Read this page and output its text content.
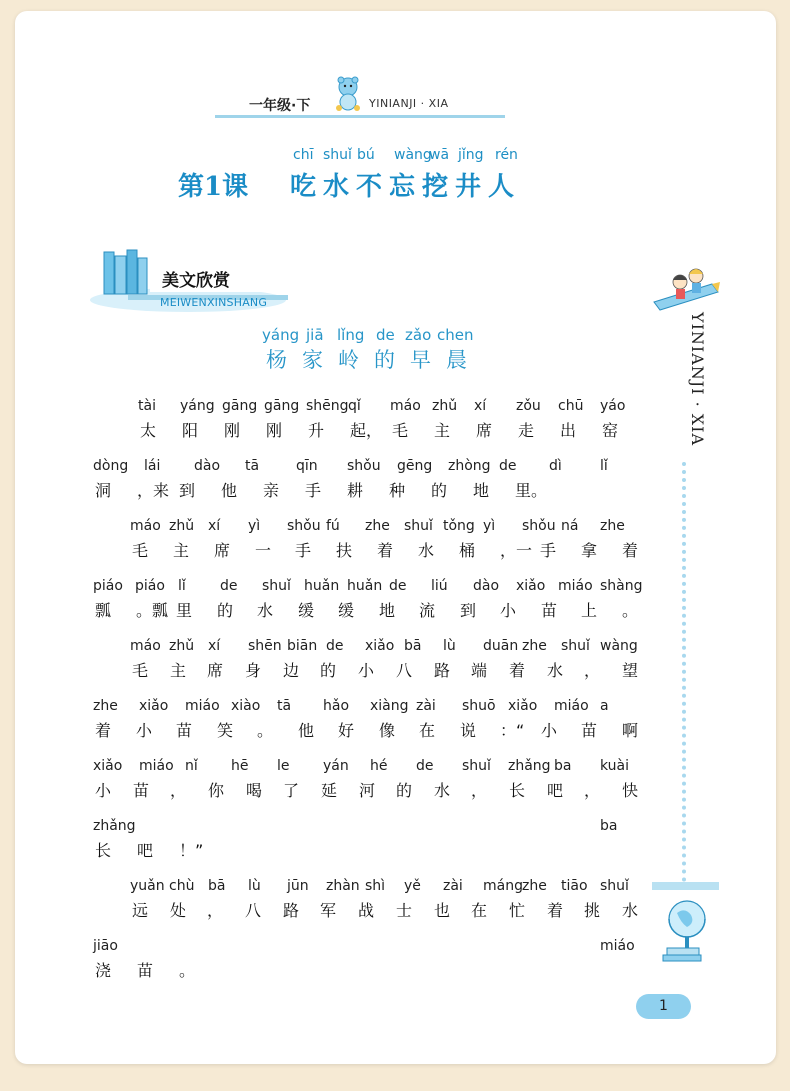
一年级·下	YINIANJI · XIA
第1课 吃 水 不 忘 挖 井 人
chī shuǐ bú wàng
wā jǐng rén
美文欣赏
MEIWENXINSHANG
杨 家 岭 的 早 晨
yáng jiā lǐng de zǎo chen
tài yáng gāng gāng shēng qǐ máo zhǔ xí zǒu chū yáo
太 阳 刚 刚 升 起， 毛 主 席 走 出 窑
dòng lái dào tā	qīn shǒu gēng zhòng de dì	lǐ
洞 ，来 到 他 亲 手 耕 种 的 地 里。
máo zhǔ xí yì shǒu fú zhe shuǐ tǒng yì shǒu ná zhe
毛 主 席 一 手 扶 着 水 桶 ，一 手 拿 着
piáo piáo lǐ de shuǐ huǎn huǎn de liú dào xiǎo miáo shàng
瓢 。瓢 里 的 水 缓 缓 地 流 到 小 苗 上 。
máo zhǔ xí shēn biān de xiǎo bā lù duān zhe shuǐ wàng
毛 主 席 身 边 的 小 八 路 端 着 水 ， 望
zhe xiǎo miáo xiào tā hǎo xiàng zài shuō xiǎo miáo a
着 小 苗 笑 。 他 好 像 在 说 ：“ 小 苗 啊
xiǎo miáo nǐ hē le yán hé de shuǐ zhǎng ba kuài
小 苗 ， 你 喝 了 延 河 的 水 ， 长 吧 ， 快
zhǎng	ba
长 吧 ！”
yuǎn chù bā lù jūn zhàn shì yě zài máng zhe tiāo shuǐ
远 处 ， 八 路 军 战 士 也 在 忙 着 挑 水
jiāo	miáo
浇 苗 。
YINIANJI · XIA
1
